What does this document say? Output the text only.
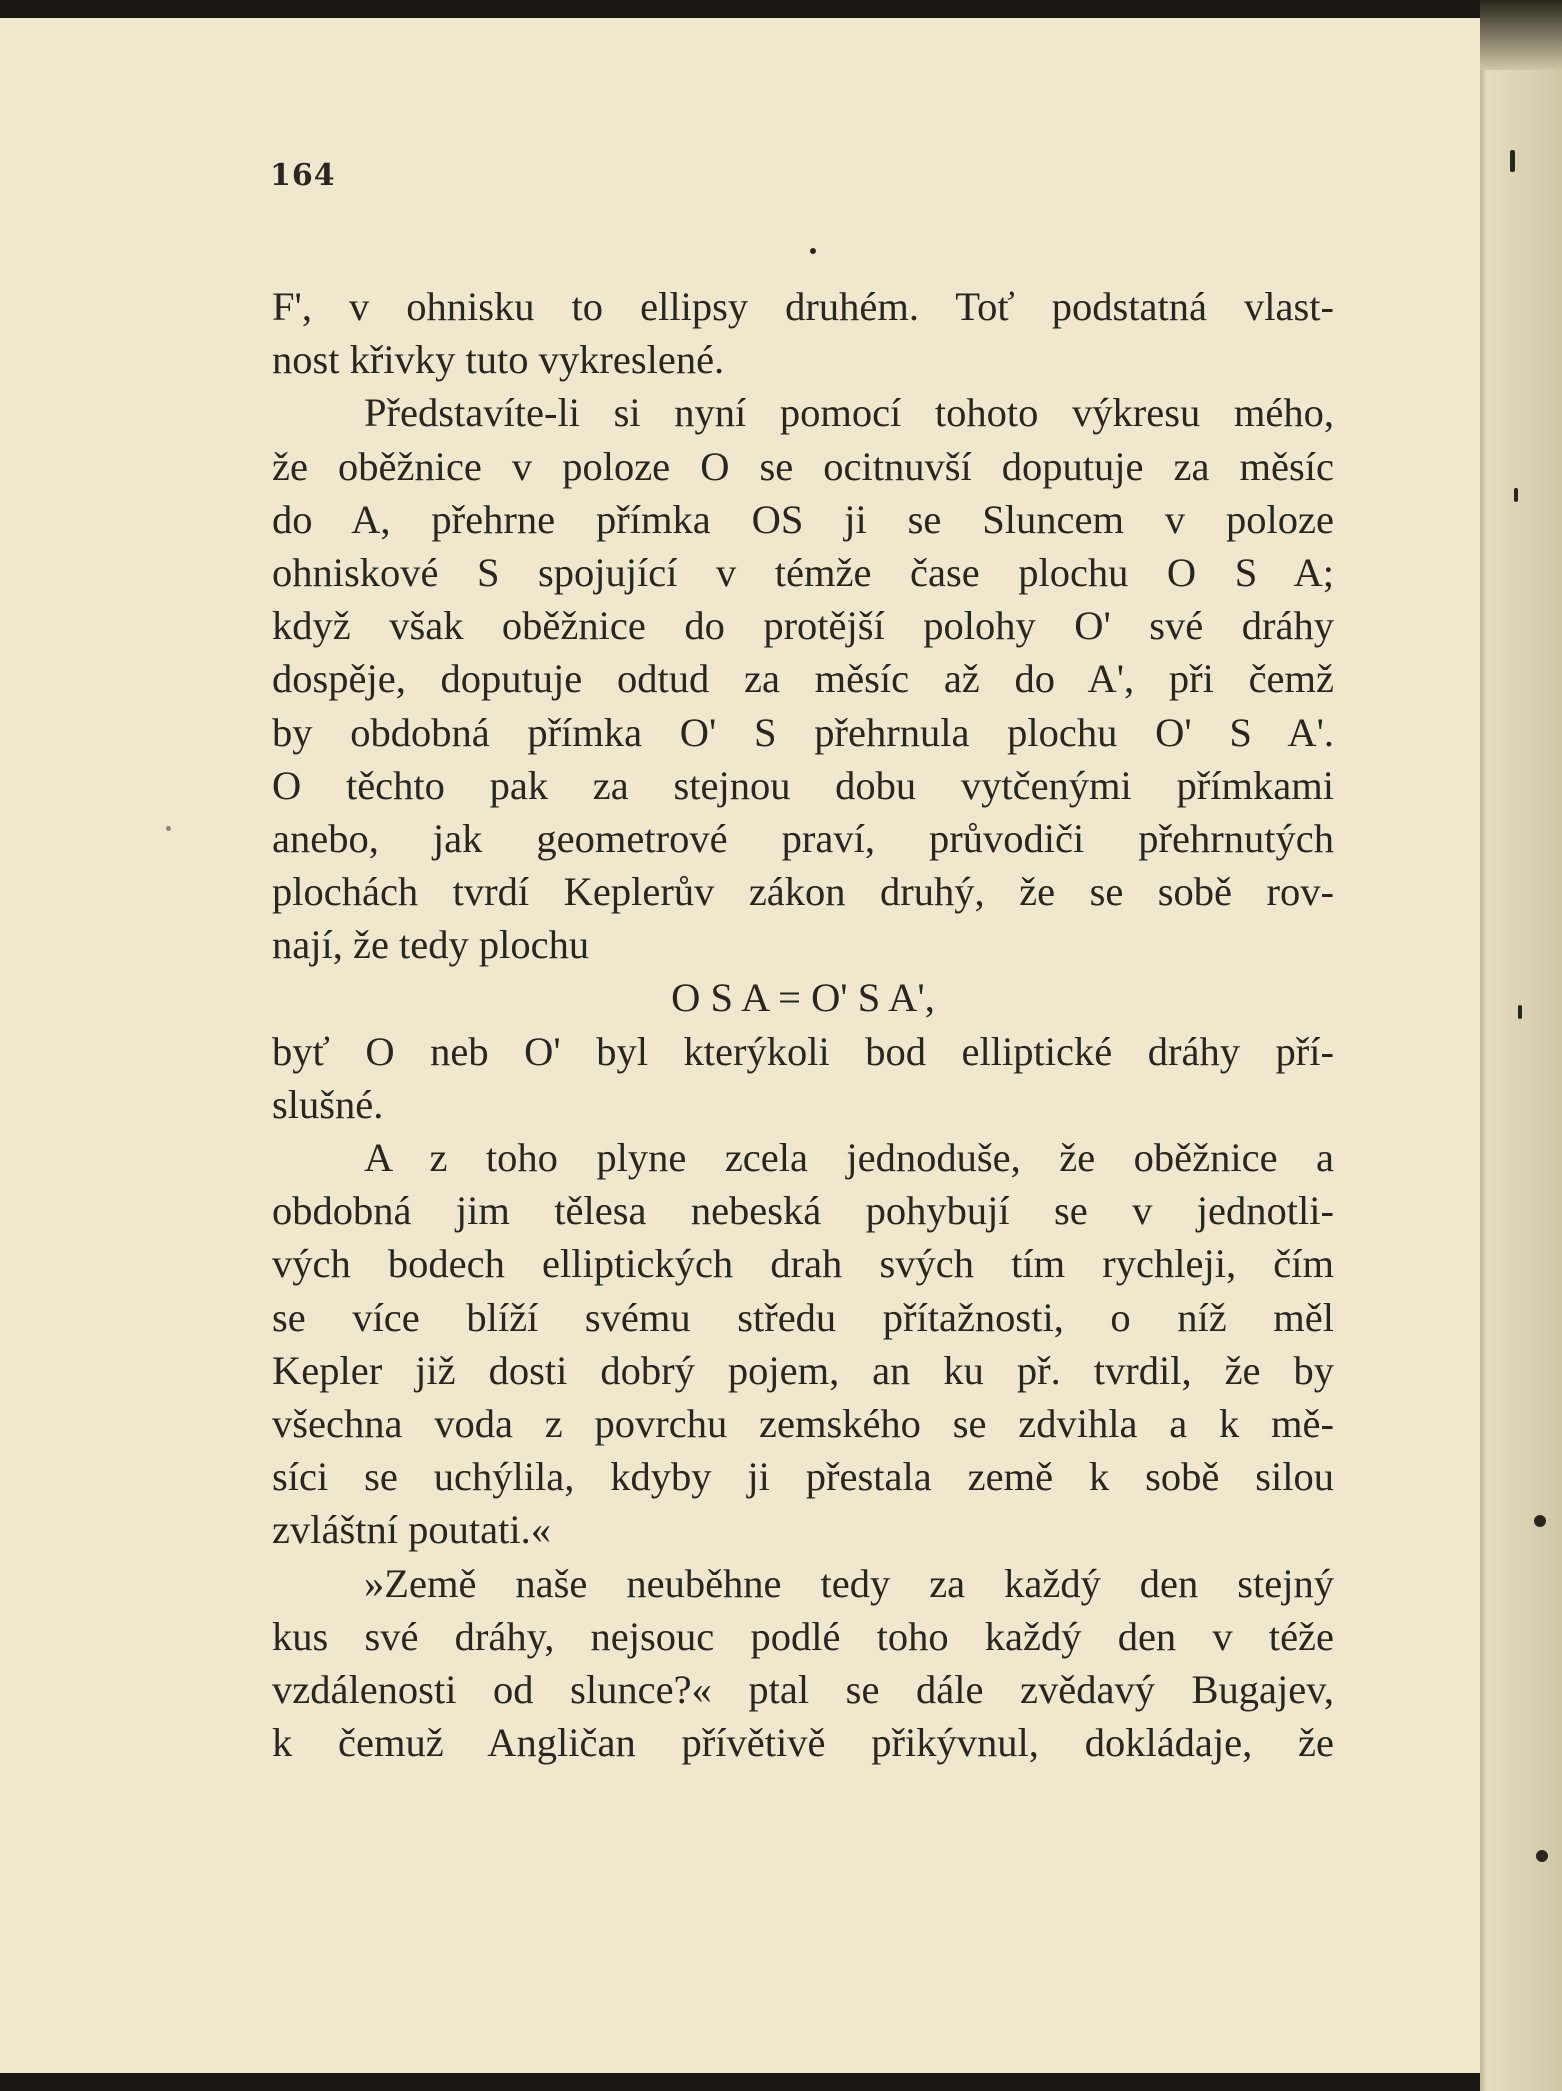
164
F', v ohnisku to ellipsy druhém. Toť podstatná vlast-
nost křivky tuto vykreslené.
Představíte-li si nyní pomocí tohoto výkresu mého,
že oběžnice v poloze O se ocitnuvší doputuje za měsíc
do A, přehrne přímka OS ji se Sluncem v poloze
ohniskové S spojující v témže čase plochu O S A;
když však oběžnice do protější polohy O' své dráhy
dospěje, doputuje odtud za měsíc až do A', při čemž
by obdobná přímka O' S přehrnula plochu O' S A'.
O těchto pak za stejnou dobu vytčenými přímkami
anebo, jak geometrové praví, průvodiči přehrnutých
plochách tvrdí Keplerův zákon druhý, že se sobě rov-
nají, že tedy plochu
O S A = O' S A',
byť O neb O' byl kterýkoli bod elliptické dráhy pří-
slušné.
A z toho plyne zcela jednoduše, že oběžnice a
obdobná jim tělesa nebeská pohybují se v jednotli-
vých bodech elliptických drah svých tím rychleji, čím
se více blíží svému středu přítažnosti, o níž měl
Kepler již dosti dobrý pojem, an ku př. tvrdil, že by
všechna voda z povrchu zemského se zdvihla a k mě-
síci se uchýlila, kdyby ji přestala země k sobě silou
zvláštní poutati.«
»Země naše neuběhne tedy za každý den stejný
kus své dráhy, nejsouc podlé toho každý den v téže
vzdálenosti od slunce?« ptal se dále zvědavý Bugajev,
k čemuž Angličan přívětivě přikývnul, dokládaje, že
